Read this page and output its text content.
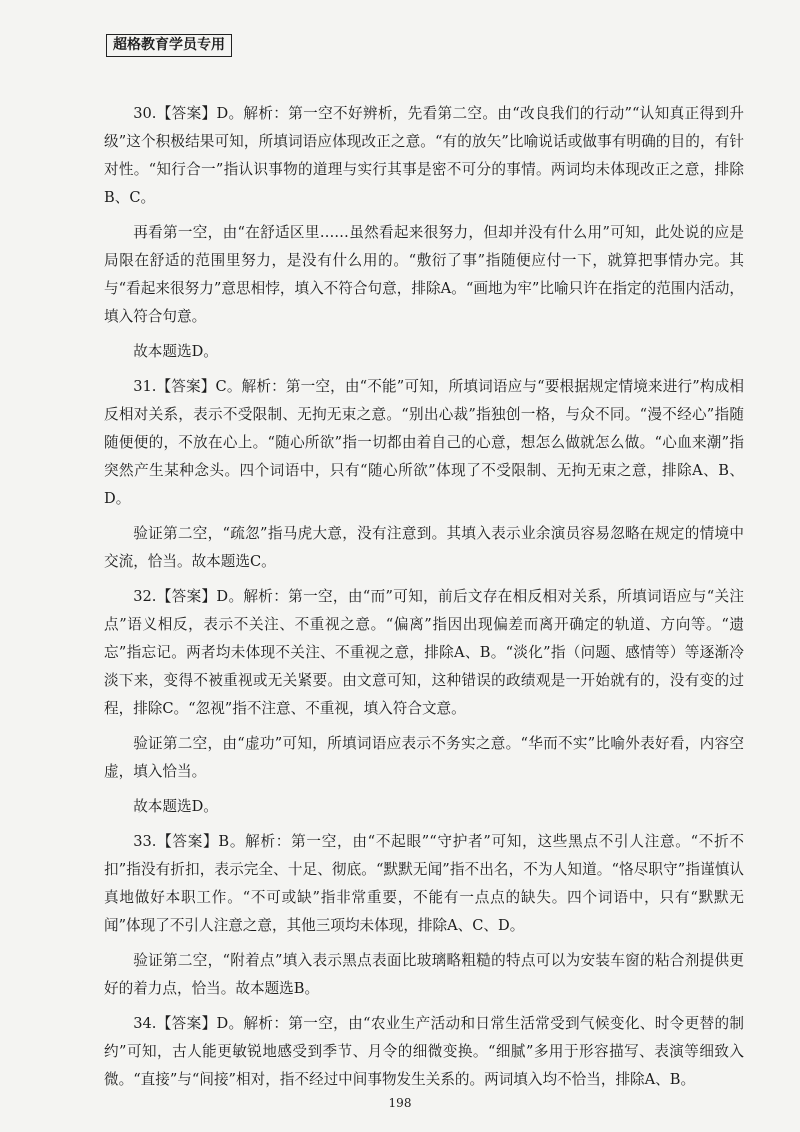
超格教育学员专用

30.【答案】D。解析：第一空不好辨析，先看第二空。由“改良我们的行动”“认知真正得到升级”这个积极结果可知，所填词语应体现改正之意。“有的放矢”比喻说话或做事有明确的目的，有针对性。“知行合一”指认识事物的道理与实行其事是密不可分的事情。两词均未体现改正之意，排除B、C。

再看第一空，由“在舒适区里……虽然看起来很努力，但却并没有什么用”可知，此处说的应是局限在舒适的范围里努力，是没有什么用的。“敷衍了事”指随便应付一下，就算把事情办完。其与“看起来很努力”意思相悖，填入不符合句意，排除A。“画地为牢”比喻只许在指定的范围内活动，填入符合句意。

故本题选D。

31.【答案】C。解析：第一空，由“不能”可知，所填词语应与“要根据规定情境来进行”构成相反相对关系，表示不受限制、无拘无束之意。“别出心裁”指独创一格，与众不同。“漫不经心”指随随便便的，不放在心上。“随心所欲”指一切都由着自己的心意，想怎么做就怎么做。“心血来潮”指突然产生某种念头。四个词语中，只有“随心所欲”体现了不受限制、无拘无束之意，排除A、B、D。

验证第二空，“疏忽”指马虎大意，没有注意到。其填入表示业余演员容易忽略在规定的情境中交流，恰当。故本题选C。

32.【答案】D。解析：第一空，由“而”可知，前后文存在相反相对关系，所填词语应与“关注点”语义相反，表示不关注、不重视之意。“偏离”指因出现偏差而离开确定的轨道、方向等。“遗忘”指忘记。两者均未体现不关注、不重视之意，排除A、B。“淡化”指（问题、感情等）等逐渐冷淡下来，变得不被重视或无关紧要。由文意可知，这种错误的政绩观是一开始就有的，没有变的过程，排除C。“忽视”指不注意、不重视，填入符合文意。

验证第二空，由“虚功”可知，所填词语应表示不务实之意。“华而不实”比喻外表好看，内容空虚，填入恰当。

故本题选D。

33.【答案】B。解析：第一空，由“不起眼”“守护者”可知，这些黑点不引人注意。“不折不扣”指没有折扣，表示完全、十足、彻底。“默默无闻”指不出名，不为人知道。“恪尽职守”指谨慎认真地做好本职工作。“不可或缺”指非常重要，不能有一点点的缺失。四个词语中，只有“默默无闻”体现了不引人注意之意，其他三项均未体现，排除A、C、D。

验证第二空，“附着点”填入表示黑点表面比玻璃略粗糙的特点可以为安装车窗的粘合剂提供更好的着力点，恰当。故本题选B。

34.【答案】D。解析：第一空，由“农业生产活动和日常生活常受到气候变化、时令更替的制约”可知，古人能更敏锐地感受到季节、月令的细微变换。“细腻”多用于形容描写、表演等细致入微。“直接”与“间接”相对，指不经过中间事物发生关系的。两词填入均不恰当，排除A、B。

198
